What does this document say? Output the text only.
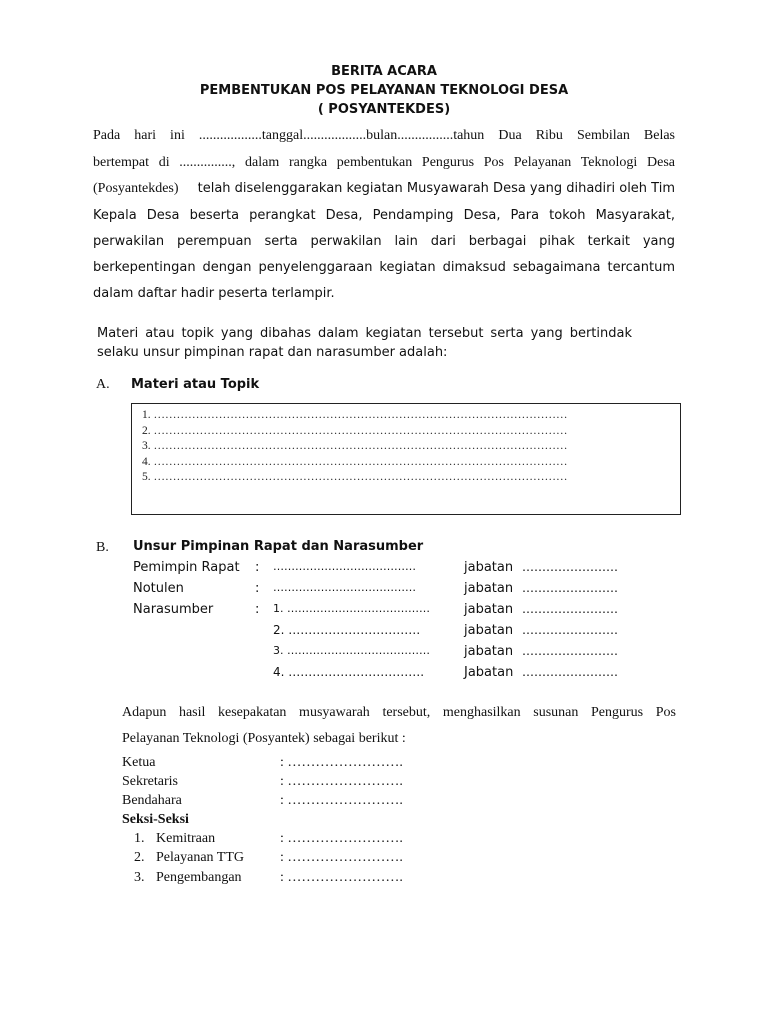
BERITA ACARA
PEMBENTUKAN POS PELAYANAN TEKNOLOGI DESA
( POSYANTEKDES)
Pada hari ini ..................tanggal..................bulan................tahun Dua Ribu Sembilan Belas
bertempat di ..............., dalam rangka pembentukan Pengurus Pos Pelayanan Teknologi Desa
(Posyantekdes) telah diselenggarakan kegiatan Musyawarah Desa yang dihadiri oleh Tim
Kepala Desa beserta perangkat Desa, Pendamping Desa, Para tokoh Masyarakat,
perwakilan perempuan serta perwakilan lain dari berbagai pihak terkait yang
berkepentingan dengan penyelenggaraan kegiatan dimaksud sebagaimana tercantum
dalam daftar hadir peserta terlampir.
Materi atau topik yang dibahas dalam kegiatan tersebut serta yang bertindak
selaku unsur pimpinan rapat dan narasumber adalah:
A. Materi atau Topik
1. ………………………………………………………………………………………………
2. ………………………………………………………………………………………………
3. ………………………………………………………………………………………………
4. ………………………………………………………………………………………………
5. ………………………………………………………………………………………………
B. Unsur Pimpinan Rapat dan Narasumber
Pemimpin Rapat : …………………………………	jabatan ……………………
Notulen	: …………………………………	jabatan ……………………
Narasumber	: 1. …………………………………	jabatan ……………………
2. ……………………………	jabatan ……………………
3. …………………………………	jabatan ……………………
4. …………………………….	Jabatan ……………………
Adapun hasil kesepakatan musyawarah tersebut, menghasilkan susunan Pengurus Pos
Pelayanan Teknologi (Posyantek) sebagai berikut :
Ketua	: …………………….
Sekretaris	: …………………….
Bendahara	: …………………….
Seksi-Seksi
1. Kemitraan	: …………………….
2. Pelayanan TTG	: …………………….
3. Pengembangan	: …………………….
